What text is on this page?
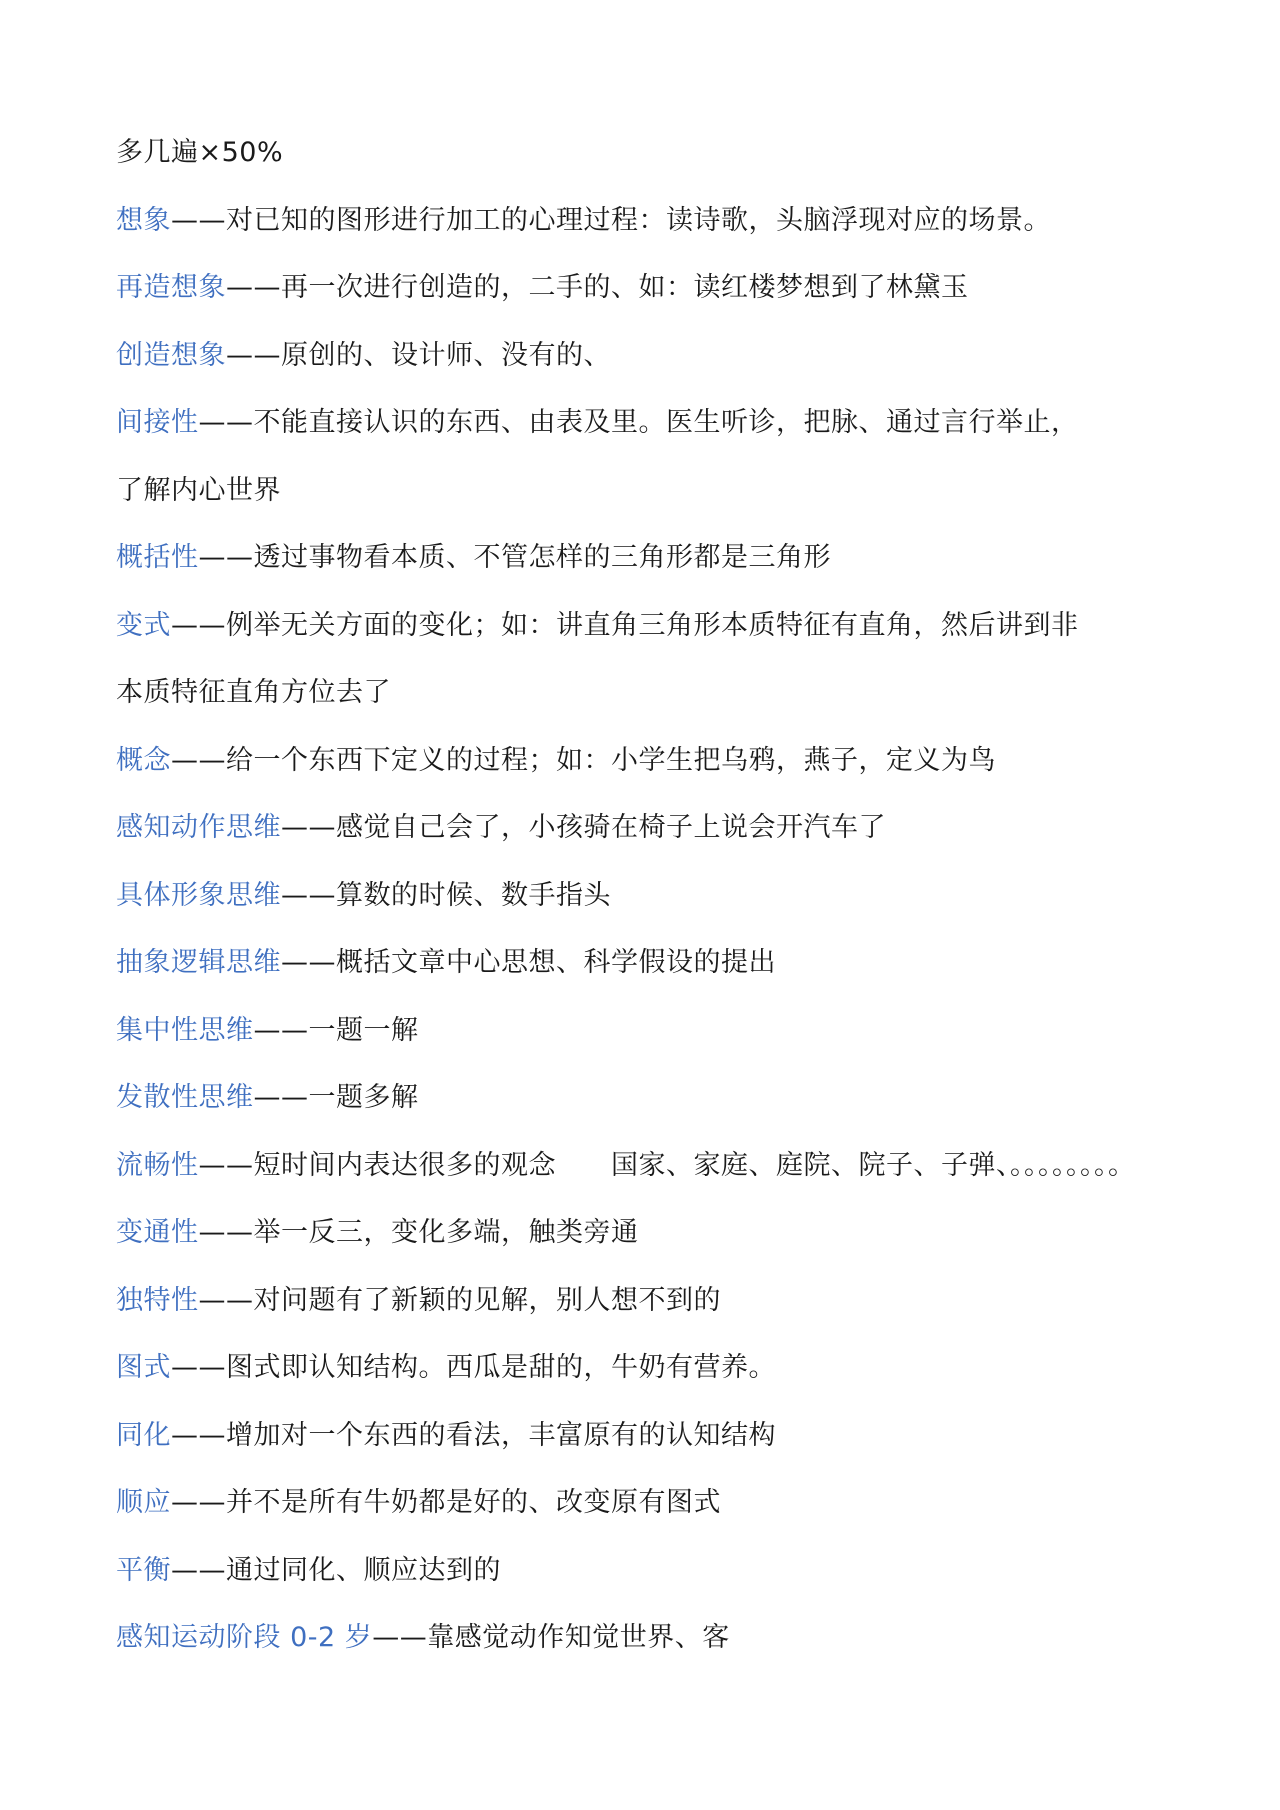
多几遍×50%
想象——对已知的图形进行加工的心理过程：读诗歌，头脑浮现对应的场景。
再造想象——再一次进行创造的，二手的、如：读红楼梦想到了林黛玉
创造想象——原创的、设计师、没有的、
间接性——不能直接认识的东西、由表及里。医生听诊，把脉、通过言行举止，
了解内心世界
概括性——透过事物看本质、不管怎样的三角形都是三角形
变式——例举无关方面的变化；如：讲直角三角形本质特征有直角，然后讲到非
本质特征直角方位去了
概念——给一个东西下定义的过程；如：小学生把乌鸦，燕子，定义为鸟
感知动作思维——感觉自己会了，小孩骑在椅子上说会开汽车了
具体形象思维——算数的时候、数手指头
抽象逻辑思维——概括文章中心思想、科学假设的提出
集中性思维——一题一解
发散性思维——一题多解
流畅性——短时间内表达很多的观念　　国家、家庭、庭院、院子、子弹、。。。。。。。。
变通性——举一反三，变化多端，触类旁通
独特性——对问题有了新颖的见解，别人想不到的
图式——图式即认知结构。西瓜是甜的，牛奶有营养。
同化——增加对一个东西的看法，丰富原有的认知结构
顺应——并不是所有牛奶都是好的、改变原有图式
平衡——通过同化、顺应达到的
感知运动阶段 0-2 岁——靠感觉动作知觉世界、客
